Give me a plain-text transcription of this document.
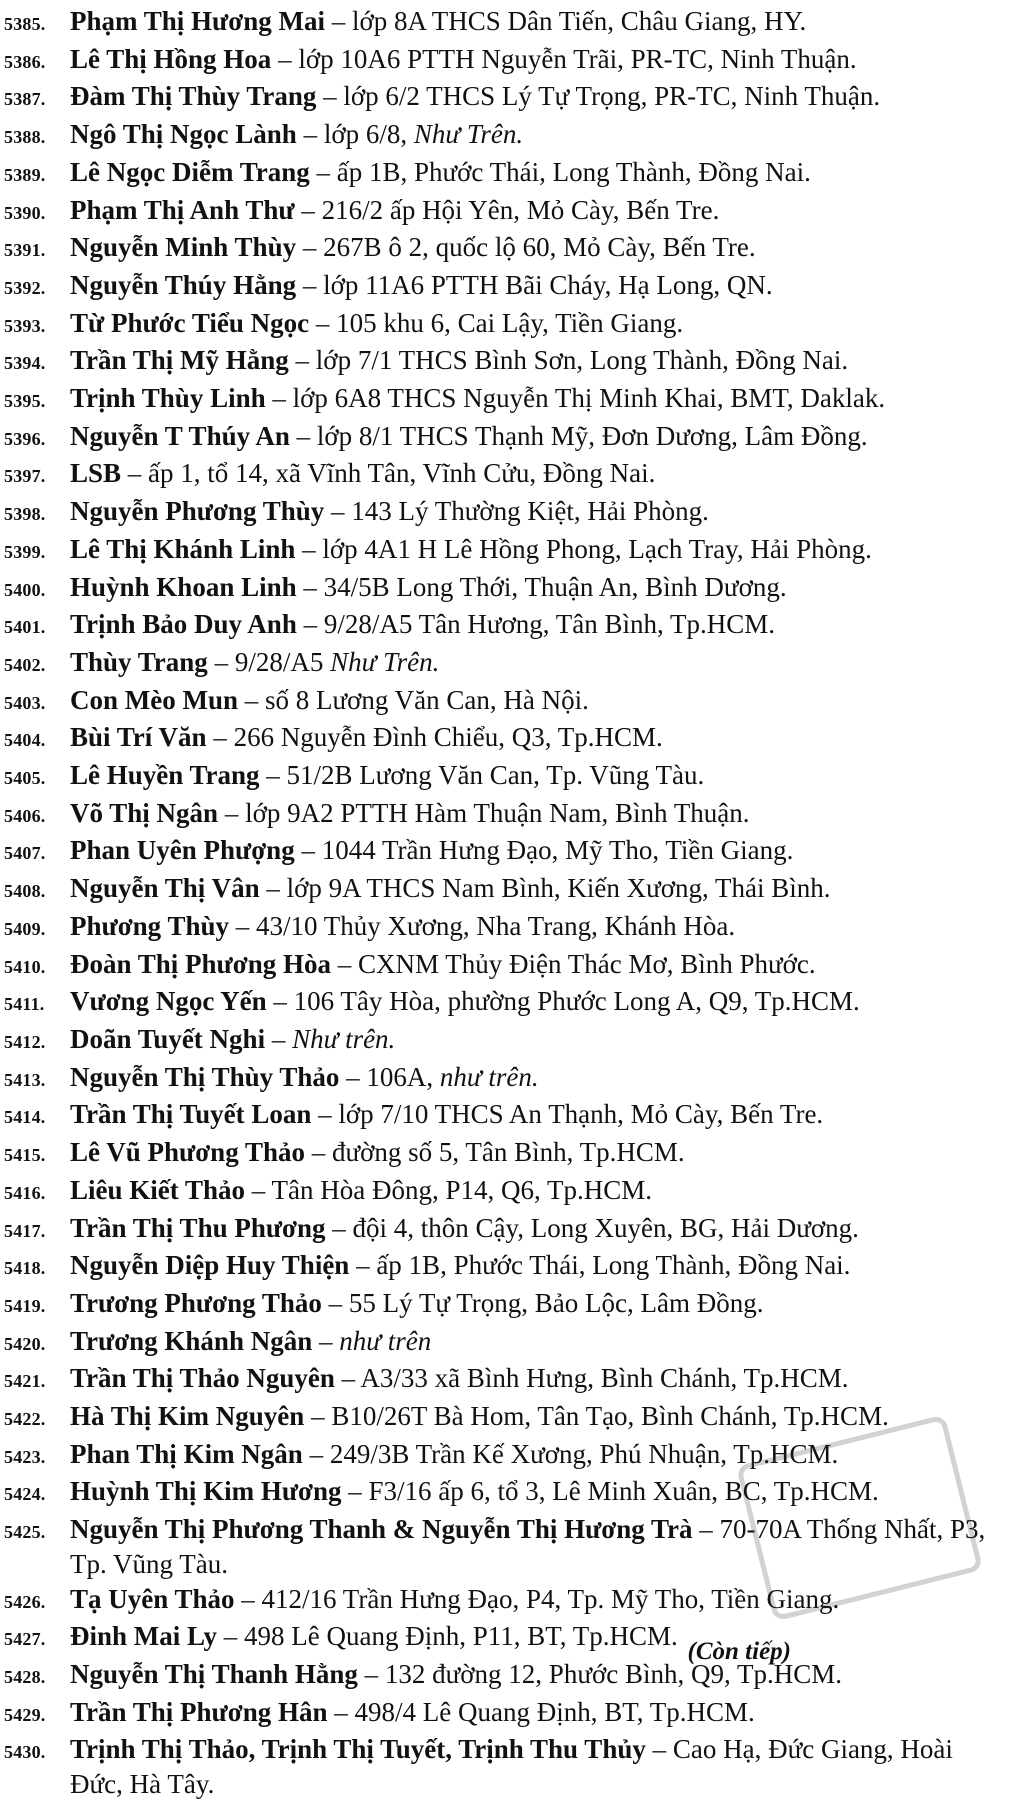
5385. Phạm Thị Hương Mai – lớp 8A THCS Dân Tiến, Châu Giang, HY.
5386. Lê Thị Hồng Hoa – lớp 10A6 PTTH Nguyễn Trãi, PR-TC, Ninh Thuận.
5387. Đàm Thị Thùy Trang – lớp 6/2 THCS Lý Tự Trọng, PR-TC, Ninh Thuận.
5388. Ngô Thị Ngọc Lành – lớp 6/8, Như Trên.
5389. Lê Ngọc Diễm Trang – ấp 1B, Phước Thái, Long Thành, Đồng Nai.
5390. Phạm Thị Anh Thư – 216/2 ấp Hội Yên, Mỏ Cày, Bến Tre.
5391. Nguyễn Minh Thùy – 267B ô 2, quốc lộ 60, Mỏ Cày, Bến Tre.
5392. Nguyễn Thúy Hằng – lớp 11A6 PTTH Bãi Cháy, Hạ Long, QN.
5393. Từ Phước Tiểu Ngọc – 105 khu 6, Cai Lậy, Tiền Giang.
5394. Trần Thị Mỹ Hằng – lớp 7/1 THCS Bình Sơn, Long Thành, Đồng Nai.
5395. Trịnh Thùy Linh – lớp 6A8 THCS Nguyễn Thị Minh Khai, BMT, Daklak.
5396. Nguyễn T Thúy An – lớp 8/1 THCS Thạnh Mỹ, Đơn Dương, Lâm Đồng.
5397. LSB – ấp 1, tổ 14, xã Vĩnh Tân, Vĩnh Cửu, Đồng Nai.
5398. Nguyễn Phương Thùy – 143 Lý Thường Kiệt, Hải Phòng.
5399. Lê Thị Khánh Linh – lớp 4A1 H Lê Hồng Phong, Lạch Tray, Hải Phòng.
5400. Huỳnh Khoan Linh – 34/5B Long Thới, Thuận An, Bình Dương.
5401. Trịnh Bảo Duy Anh – 9/28/A5 Tân Hương, Tân Bình, Tp.HCM.
5402. Thùy Trang – 9/28/A5 Như Trên.
5403. Con Mèo Mun – số 8 Lương Văn Can, Hà Nội.
5404. Bùi Trí Văn – 266 Nguyễn Đình Chiểu, Q3, Tp.HCM.
5405. Lê Huyền Trang – 51/2B Lương Văn Can, Tp. Vũng Tàu.
5406. Võ Thị Ngân – lớp 9A2 PTTH Hàm Thuận Nam, Bình Thuận.
5407. Phan Uyên Phượng – 1044 Trần Hưng Đạo, Mỹ Tho, Tiền Giang.
5408. Nguyễn Thị Vân – lớp 9A THCS Nam Bình, Kiến Xương, Thái Bình.
5409. Phương Thùy – 43/10 Thủy Xương, Nha Trang, Khánh Hòa.
5410. Đoàn Thị Phương Hòa – CXNM Thủy Điện Thác Mơ, Bình Phước.
5411. Vương Ngọc Yến – 106 Tây Hòa, phường Phước Long A, Q9, Tp.HCM.
5412. Doãn Tuyết Nghi – Như trên.
5413. Nguyễn Thị Thùy Thảo – 106A, như trên.
5414. Trần Thị Tuyết Loan – lớp 7/10 THCS An Thạnh, Mỏ Cày, Bến Tre.
5415. Lê Vũ Phương Thảo – đường số 5, Tân Bình, Tp.HCM.
5416. Liêu Kiết Thảo – Tân Hòa Đông, P14, Q6, Tp.HCM.
5417. Trần Thị Thu Phương – đội 4, thôn Cậy, Long Xuyên, BG, Hải Dương.
5418. Nguyễn Diệp Huy Thiện – ấp 1B, Phước Thái, Long Thành, Đồng Nai.
5419. Trương Phương Thảo – 55 Lý Tự Trọng, Bảo Lộc, Lâm Đồng.
5420. Trương Khánh Ngân – như trên
5421. Trần Thị Thảo Nguyên – A3/33 xã Bình Hưng, Bình Chánh, Tp.HCM.
5422. Hà Thị Kim Nguyên – B10/26T Bà Hom, Tân Tạo, Bình Chánh, Tp.HCM.
5423. Phan Thị Kim Ngân – 249/3B Trần Kế Xương, Phú Nhuận, Tp.HCM.
5424. Huỳnh Thị Kim Hương – F3/16 ấp 6, tổ 3, Lê Minh Xuân, BC, Tp.HCM.
5425. Nguyễn Thị Phương Thanh & Nguyễn Thị Hương Trà – 70-70A Thống Nhất, P3, Tp. Vũng Tàu.
5426. Tạ Uyên Thảo – 412/16 Trần Hưng Đạo, P4, Tp. Mỹ Tho, Tiền Giang.
5427. Đinh Mai Ly – 498 Lê Quang Định, P11, BT, Tp.HCM.
5428. Nguyễn Thị Thanh Hằng – 132 đường 12, Phước Bình, Q9, Tp.HCM.
5429. Trần Thị Phương Hân – 498/4 Lê Quang Định, BT, Tp.HCM.
5430. Trịnh Thị Thảo, Trịnh Thị Tuyết, Trịnh Thu Thủy – Cao Hạ, Đức Giang, Hoài Đức, Hà Tây.
(Còn tiếp)
